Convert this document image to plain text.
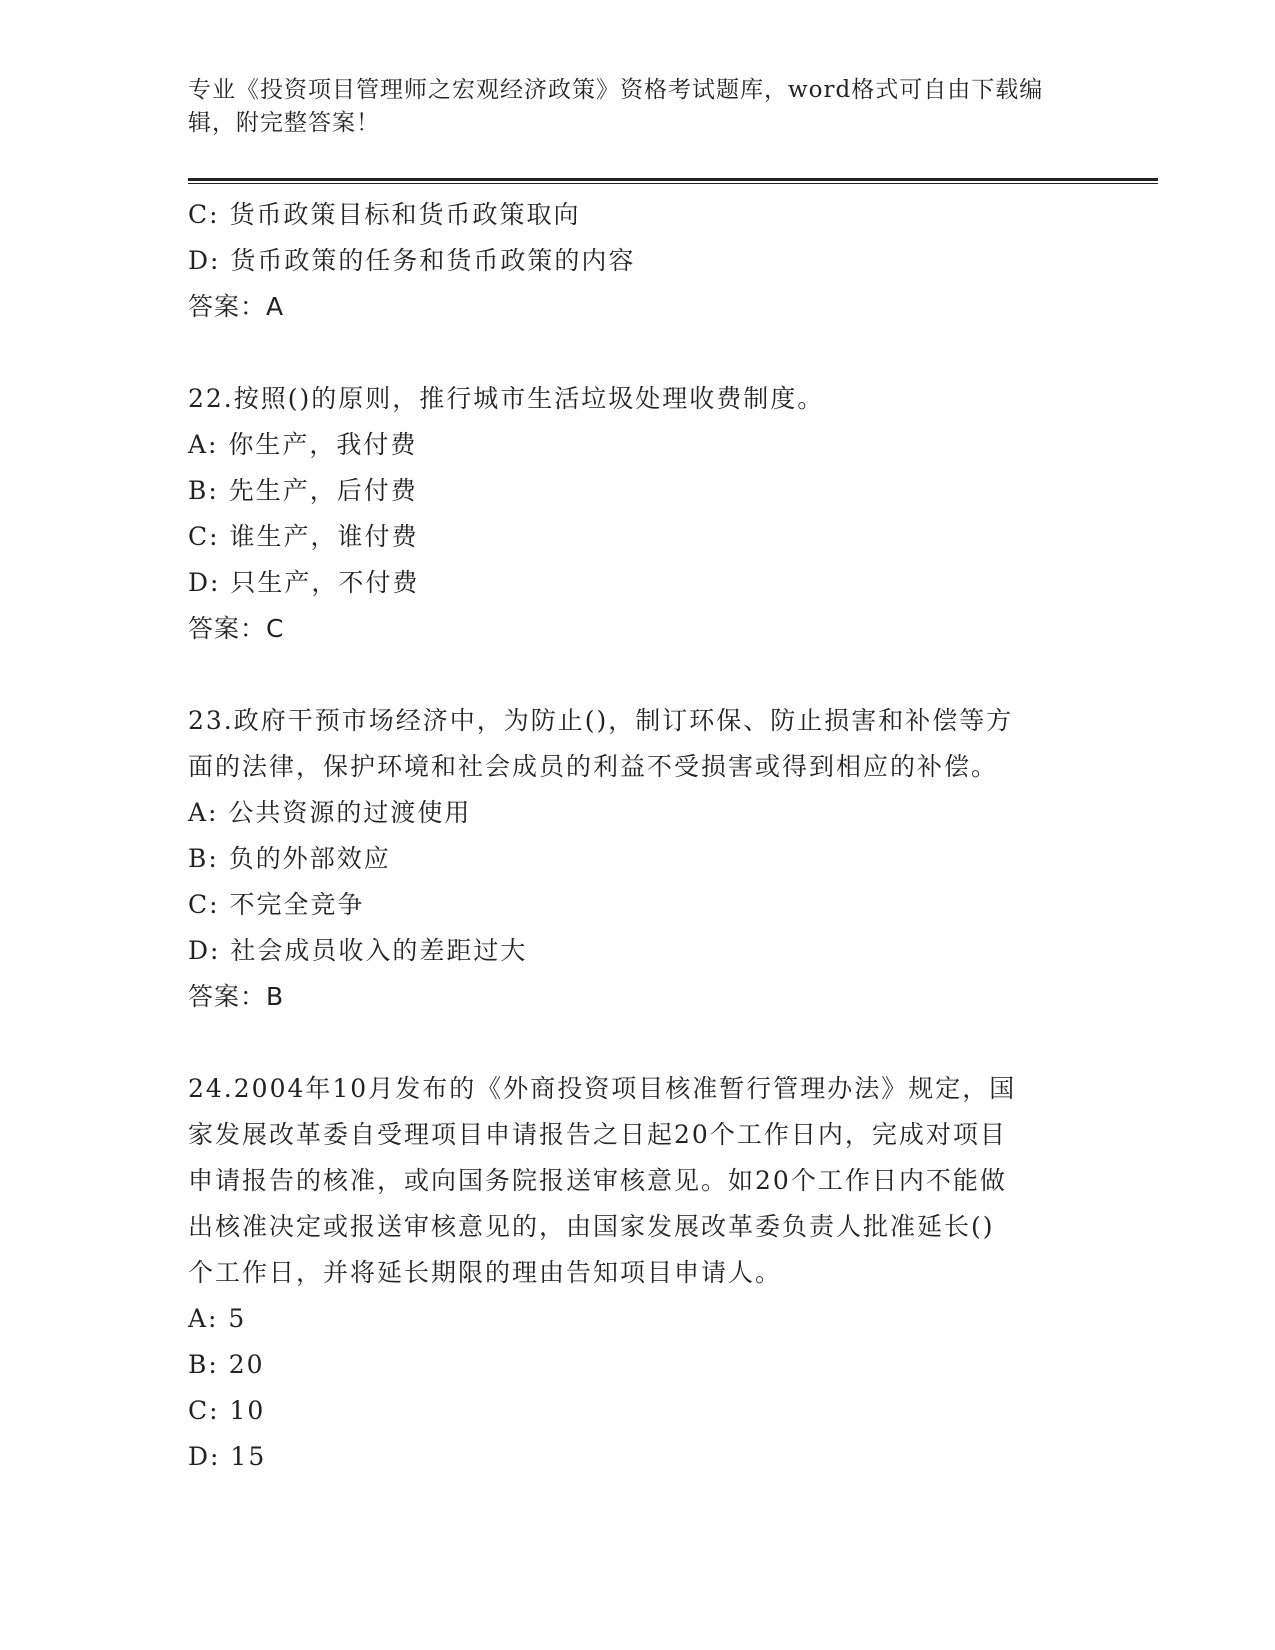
专业《投资项目管理师之宏观经济政策》资格考试题库，word格式可自由下载编
辑，附完整答案！
C: 货币政策目标和货币政策取向
D: 货币政策的任务和货币政策的内容
答案：A
22.按照()的原则，推行城市生活垃圾处理收费制度。
A: 你生产，我付费
B: 先生产，后付费
C: 谁生产，谁付费
D: 只生产，不付费
答案：C
23.政府干预市场经济中，为防止()，制订环保、防止损害和补偿等方
面的法律，保护环境和社会成员的利益不受损害或得到相应的补偿。
A: 公共资源的过渡使用
B: 负的外部效应
C: 不完全竞争
D: 社会成员收入的差距过大
答案：B
24.2004年10月发布的《外商投资项目核准暂行管理办法》规定，国
家发展改革委自受理项目申请报告之日起20个工作日内，完成对项目
申请报告的核准，或向国务院报送审核意见。如20个工作日内不能做
出核准决定或报送审核意见的，由国家发展改革委负责人批准延长()
个工作日，并将延长期限的理由告知项目申请人。
A: 5
B: 20
C: 10
D: 15
